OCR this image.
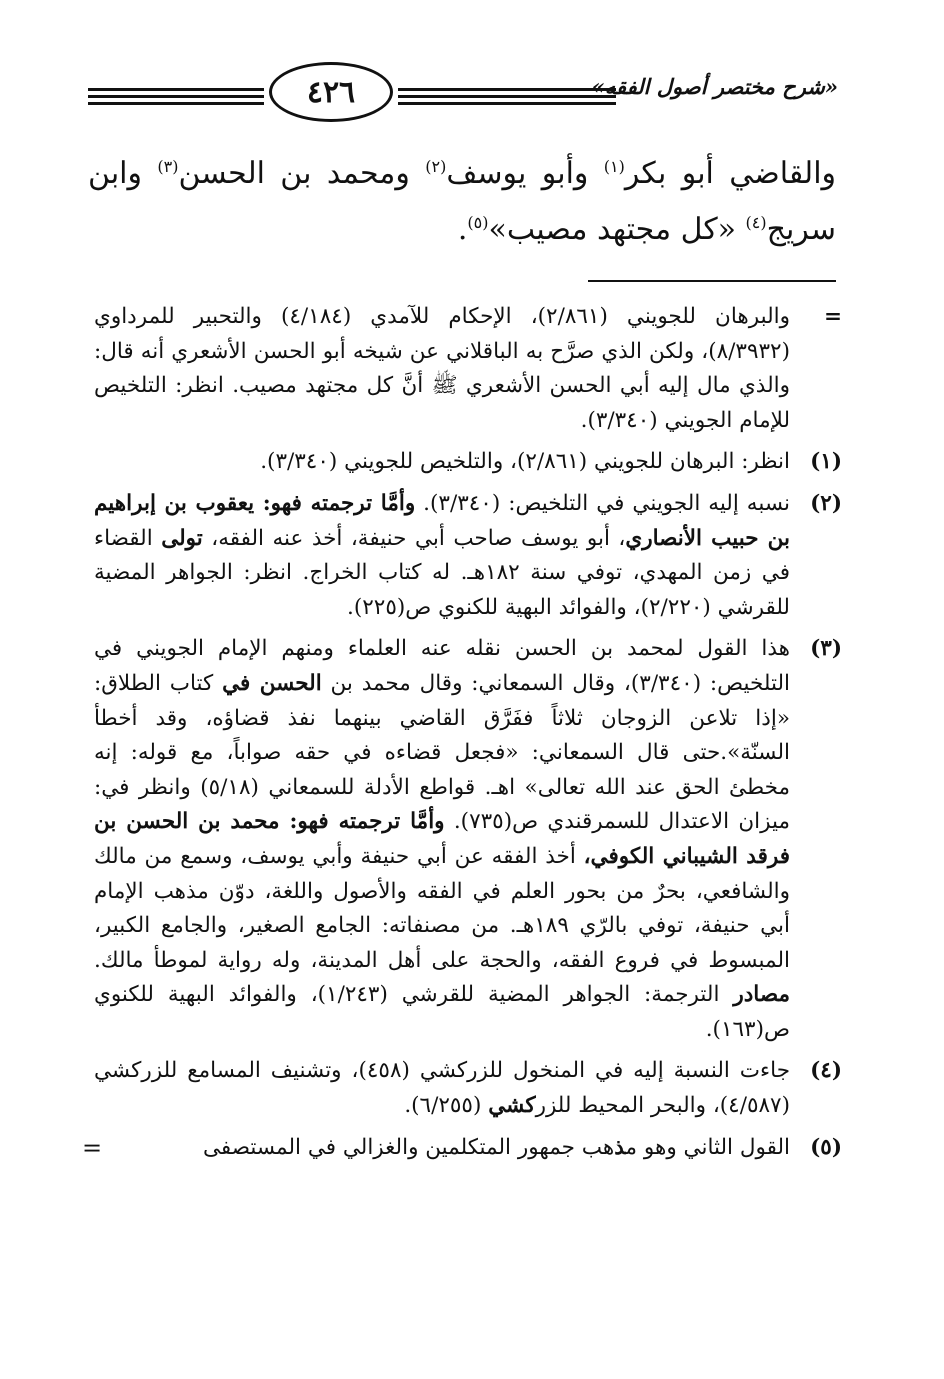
٤٢٦	«شرح مختصر أصول الفقه»

والقاضي أبو بكر$^{(١)}$ وأبو يوسف$^{(٢)}$ ومحمد بن الحسن$^{(٣)}$ وابن سريج$^{(٤)}$ «كل مجتهد مصيب»$^{(٥)}$.

=
والبرهان للجويني (٢/٨٦١)، الإحكام للآمدي (٤/١٨٤) والتحبير للمرداوي (٨/٣٩٣٢)، ولكن الذي صرَّح به الباقلاني عن شيخه أبو الحسن الأشعري أنه قال: والذي مال إليه أبي الحسن الأشعري ﷺ أنَّ كل مجتهد مصيب. انظر: التلخيص للإمام الجويني (٣/٣٤٠).
(١)
انظر: البرهان للجويني (٢/٨٦١)، والتلخيص للجويني (٣/٣٤٠).
(٢)
نسبه إليه الجويني في التلخيص: (٣/٣٤٠). وأمَّا ترجمته فهو: يعقوب بن إبراهيم بن حبيب الأنصاري، أبو يوسف صاحب أبي حنيفة، أخذ عنه الفقه، تولى القضاء في زمن المهدي، توفي سنة ١٨٢هـ. له كتاب الخراج. انظر: الجواهر المضية للقرشي (٢/٢٢٠)، والفوائد البهية للكنوي ص(٢٢٥).
(٣)
هذا القول لمحمد بن الحسن نقله عنه العلماء ومنهم الإمام الجويني في التلخيص: (٣/٣٤٠)، وقال السمعاني: وقال محمد بن الحسن في كتاب الطلاق: «إذا تلاعن الزوجان ثلاثاً ففَرَّق القاضي بينهما نفذ قضاؤه، وقد أخطأ السنّة».حتى قال السمعاني: «فجعل قضاءه في حقه صواباً، مع قوله: إنه مخطئ الحق عند الله تعالى» اهـ. قواطع الأدلة للسمعاني (٥/١٨) وانظر في: ميزان الاعتدال للسمرقندي ص(٧٣٥). وأمَّا ترجمته فهو: محمد بن الحسن بن فرقد الشيباني الكوفي، أخذ الفقه عن أبي حنيفة وأبي يوسف، وسمع من مالك والشافعي، بحرٌ من بحور العلم في الفقه والأصول واللغة، دوّن مذهب الإمام أبي حنيفة، توفي بالرّي ١٨٩هـ. من مصنفاته: الجامع الصغير، والجامع الكبير، المبسوط في فروع الفقه، والحجة على أهل المدينة، وله رواية لموطأ مالك. مصادر الترجمة: الجواهر المضية للقرشي (١/٢٤٣)، والفوائد البهية للكنوي ص(١٦٣).
(٤)
جاءت النسبة إليه في المنخول للزركشي (٤٥٨)، وتشنيف المسامع للزركشي (٤/٥٨٧)، والبحر المحيط للزركشي (٦/٢٥٥).
(٥)
القول الثاني وهو مذهب جمهور المتكلمين والغزالي في المستصفى
=
